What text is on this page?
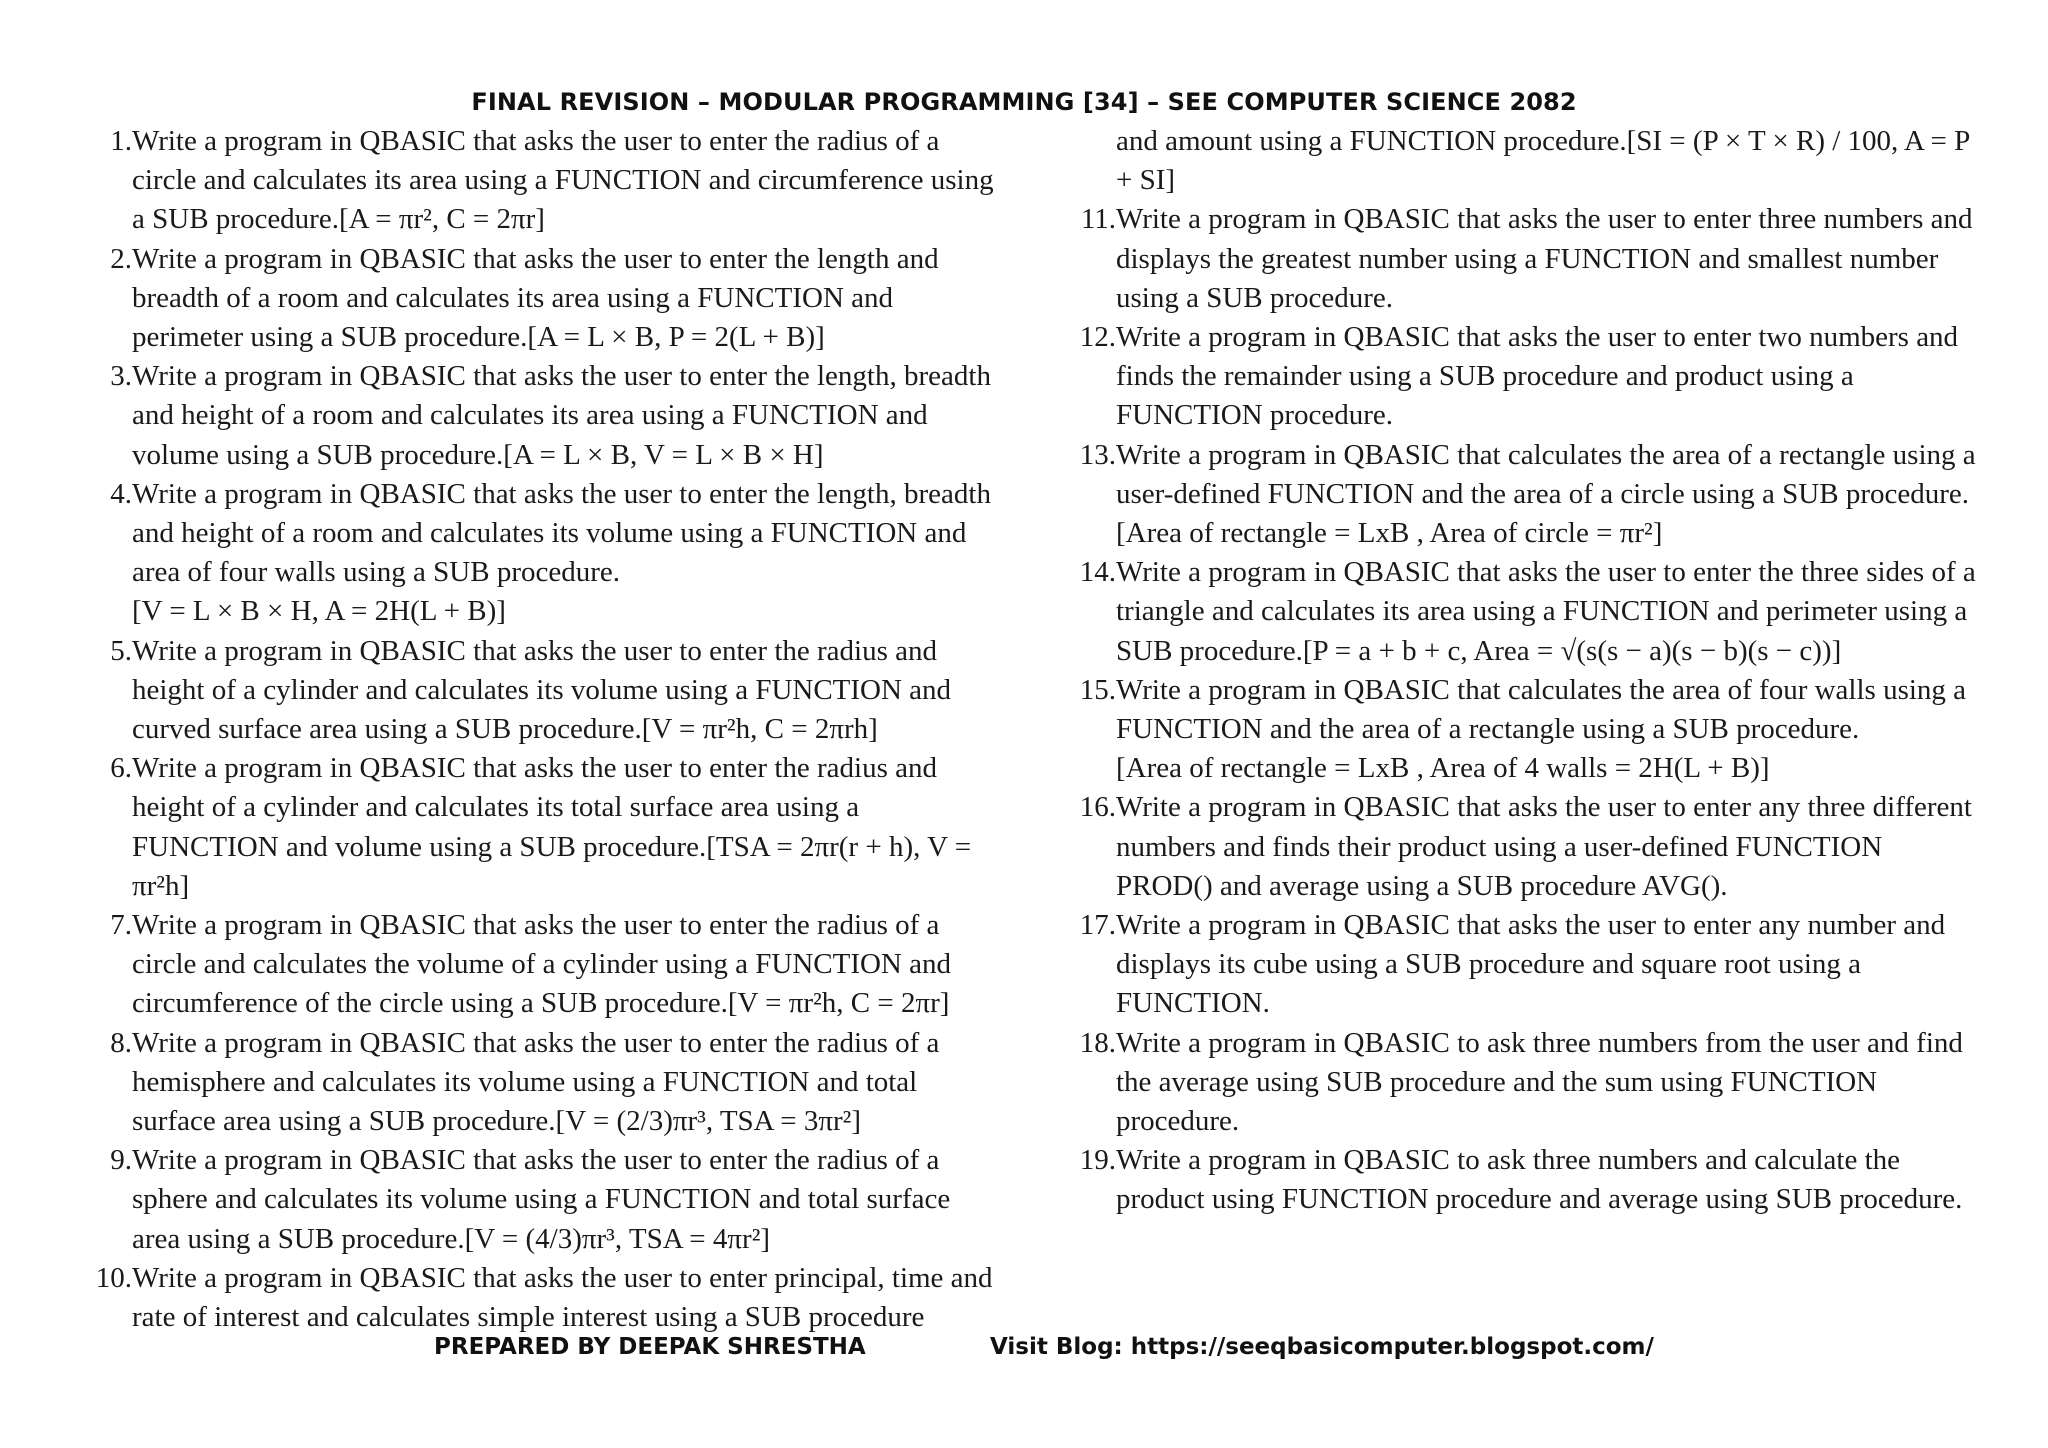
FINAL REVISION – MODULAR PROGRAMMING [34] – SEE COMPUTER SCIENCE 2082
1. Write a program in QBASIC that asks the user to enter the radius of a circle and calculates its area using a FUNCTION and circumference using a SUB procedure.[A = πr², C = 2πr]
2. Write a program in QBASIC that asks the user to enter the length and breadth of a room and calculates its area using a FUNCTION and perimeter using a SUB procedure.[A = L × B, P = 2(L + B)]
3. Write a program in QBASIC that asks the user to enter the length, breadth and height of a room and calculates its area using a FUNCTION and volume using a SUB procedure.[A = L × B, V = L × B × H]
4. Write a program in QBASIC that asks the user to enter the length, breadth and height of a room and calculates its volume using a FUNCTION and area of four walls using a SUB procedure.
[V = L × B × H, A = 2H(L + B)]
5. Write a program in QBASIC that asks the user to enter the radius and height of a cylinder and calculates its volume using a FUNCTION and curved surface area using a SUB procedure.[V = πr²h, C = 2πrh]
6. Write a program in QBASIC that asks the user to enter the radius and height of a cylinder and calculates its total surface area using a FUNCTION and volume using a SUB procedure.[TSA = 2πr(r + h), V = πr²h]
7. Write a program in QBASIC that asks the user to enter the radius of a circle and calculates the volume of a cylinder using a FUNCTION and circumference of the circle using a SUB procedure.[V = πr²h, C = 2πr]
8. Write a program in QBASIC that asks the user to enter the radius of a hemisphere and calculates its volume using a FUNCTION and total surface area using a SUB procedure.[V = (2/3)πr³, TSA = 3πr²]
9. Write a program in QBASIC that asks the user to enter the radius of a sphere and calculates its volume using a FUNCTION and total surface area using a SUB procedure.[V = (4/3)πr³, TSA = 4πr²]
10. Write a program in QBASIC that asks the user to enter principal, time and rate of interest and calculates simple interest using a SUB procedure
and amount using a FUNCTION procedure.[SI = (P × T × R) / 100, A = P + SI]
11. Write a program in QBASIC that asks the user to enter three numbers and displays the greatest number using a FUNCTION and smallest number using a SUB procedure.
12. Write a program in QBASIC that asks the user to enter two numbers and finds the remainder using a SUB procedure and product using a FUNCTION procedure.
13. Write a program in QBASIC that calculates the area of a rectangle using a user-defined FUNCTION and the area of a circle using a SUB procedure.[Area of rectangle = LxB , Area of circle = πr²]
14. Write a program in QBASIC that asks the user to enter the three sides of a triangle and calculates its area using a FUNCTION and perimeter using a SUB procedure.[P = a + b + c, Area = √(s(s − a)(s − b)(s − c))]
15. Write a program in QBASIC that calculates the area of four walls using a FUNCTION and the area of a rectangle using a SUB procedure.
[Area of rectangle = LxB , Area of 4 walls = 2H(L + B)]
16. Write a program in QBASIC that asks the user to enter any three different numbers and finds their product using a user-defined FUNCTION PROD() and average using a SUB procedure AVG().
17. Write a program in QBASIC that asks the user to enter any number and displays its cube using a SUB procedure and square root using a FUNCTION.
18. Write a program in QBASIC to ask three numbers from the user and find the average using SUB procedure and the sum using FUNCTION procedure.
19. Write a program in QBASIC to ask three numbers and calculate the product using FUNCTION procedure and average using SUB procedure.
PREPARED BY DEEPAK SHRESTHA	Visit Blog: https://seeqbasicomputer.blogspot.com/
